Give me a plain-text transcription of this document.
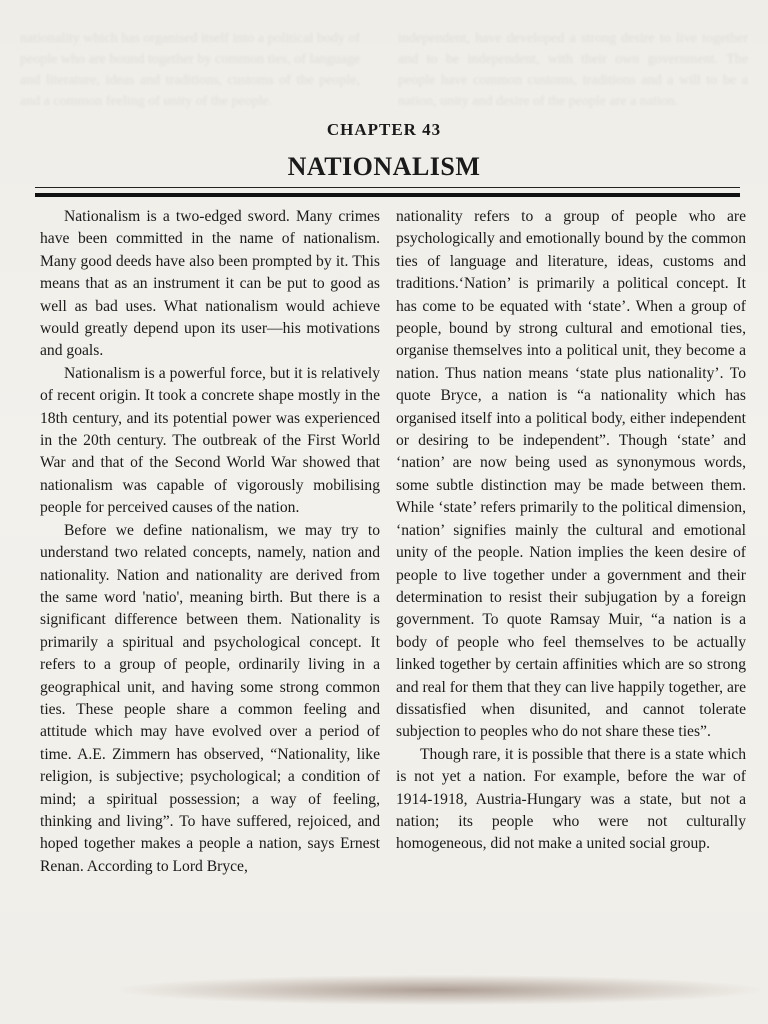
nationality which has organised itself into a political body of people who are bound together by common ties, of language and literature, ideas and traditions, customs of the people, and a common feeling of unity of the people.
independent, have developed a strong desire to live together and to be independent, with their own government. The people have common customs, traditions and a will to be a nation, unity and desire of the people are a nation.
CHAPTER 43
NATIONALISM

Nationalism is a two-edged sword. Many crimes have been committed in the name of nationalism. Many good deeds have also been prompted by it. This means that as an instrument it can be put to good as well as bad uses. What nationalism would achieve would greatly depend upon its user—his motivations and goals.

Nationalism is a powerful force, but it is relatively of recent origin. It took a concrete shape mostly in the 18th century, and its potential power was experienced in the 20th century. The outbreak of the First World War and that of the Second World War showed that nationalism was capable of vigorously mobilising people for perceived causes of the nation.

Before we define nationalism, we may try to understand two related concepts, namely, nation and nationality. Nation and nationality are derived from the same word 'natio', meaning birth. But there is a significant difference between them. Nationality is primarily a spiritual and psychological concept. It refers to a group of people, ordinarily living in a geographical unit, and having some strong common ties. These people share a common feeling and attitude which may have evolved over a period of time. A.E. Zimmern has observed, “Nationality, like religion, is subjective; psychological; a condition of mind; a spiritual possession; a way of feeling, thinking and living”. To have suffered, rejoiced, and hoped together makes a people a nation, says Ernest Renan. According to Lord Bryce,

nationality refers to a group of people who are psychologically and emotionally bound by the common ties of language and literature, ideas, customs and traditions.‘Nation’ is primarily a political concept. It has come to be equated with ‘state’. When a group of people, bound by strong cultural and emotional ties, organise themselves into a political unit, they become a nation. Thus nation means ‘state plus nationality’. To quote Bryce, a nation is “a nationality which has organised itself into a political body, either independent or desiring to be independent”. Though ‘state’ and ‘nation’ are now being used as synonymous words, some subtle distinction may be made between them. While ‘state’ refers primarily to the political dimension, ‘nation’ signifies mainly the cultural and emotional unity of the people. Nation implies the keen desire of people to live together under a government and their determination to resist their subjugation by a foreign government. To quote Ramsay Muir, “a nation is a body of people who feel themselves to be actually linked together by certain affinities which are so strong and real for them that they can live happily together, are dissatisfied when disunited, and cannot tolerate subjection to peoples who do not share these ties”.

Though rare, it is possible that there is a state which is not yet a nation. For example, before the war of 1914-1918, Austria-Hungary was a state, but not a nation; its people who were not culturally homogeneous, did not make a united social group.
